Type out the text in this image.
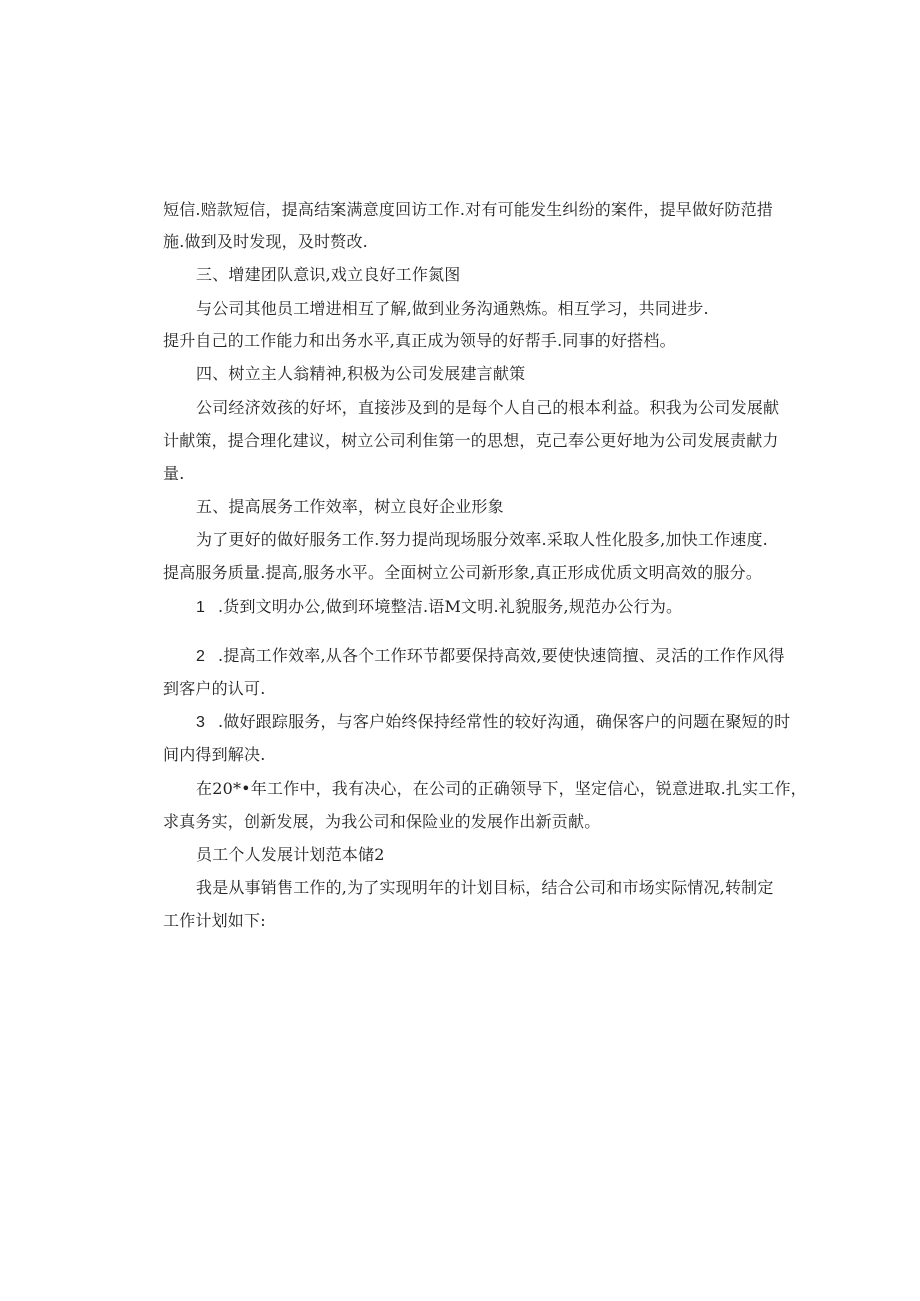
短信.赔款短信，提高结案满意度回访工作.对有可能发生纠纷的案件，提早做好防范措
施.做到及时发现，及时赘改.
三、增建团队意识,戏立良好工作氮图
与公司其他员工增进相互了解,做到业务沟通熟炼。相互学习，共同进步.
提升自己的工作能力和出务水平,真正成为领导的好帮手.同事的好搭档。
四、树立主人翁精神,积极为公司发展建言献策
公司经济效孩的好坏，直接涉及到的是每个人自己的根本利益。积我为公司发展献
计献策，提合理化建议，树立公司利隹第一的思想，克己奉公更好地为公司发展责献力
量.
五、提高展务工作效率，树立良好企业形象
为了更好的做好服务工作.努力提尚现场服分效率.采取人性化股多,加快工作速度.
提高服务质量.提高,服务水平。全面树立公司新形象,真正形成优质文明高效的服分。
1 .货到文明办公,做到环境整洁.语M文明.礼貌服务,规范办公行为。
2 .提高工作效率,从各个工作环节都要保持高效,要使快速筒擅、灵活的工作作风得
到客户的认可.
3 .做好跟踪服务，与客户始终保持经常性的较好沟通，确保客户的问题在聚短的时
间内得到解决.
在20*•年工作中，我有决心，在公司的正确领导下，坚定信心，锐意进取.扎实工作，
求真务实，创新发展，为我公司和保险业的发展作出新贡献。
员工个人发展计划范本储2
我是从事销售工作的,为了实现明年的计划目标，结合公司和市场实际情况,转制定
工作计划如下:
